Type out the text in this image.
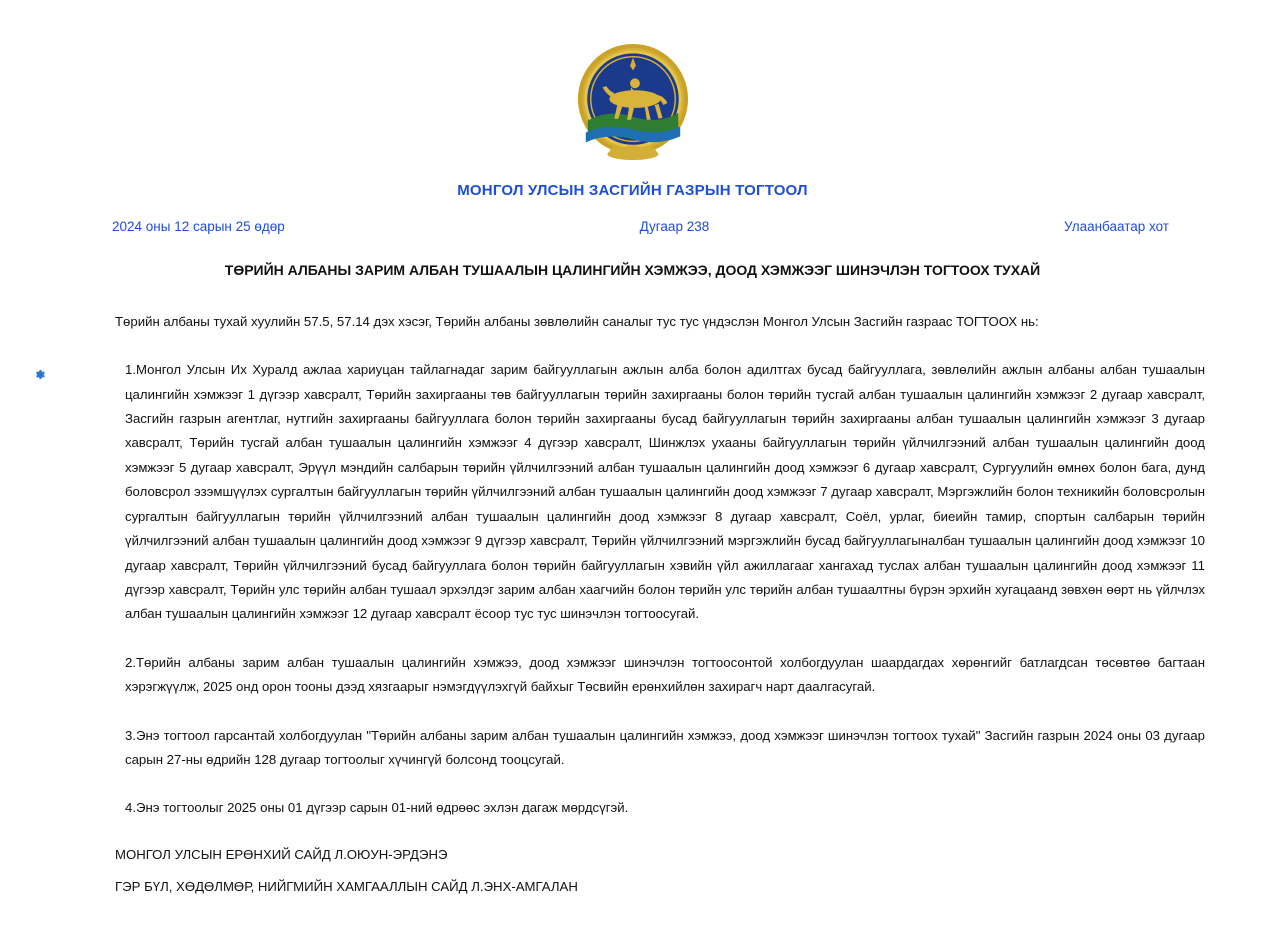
МОНГОЛ УЛСЫН ЗАСГИЙН ГАЗРЫН ТОГТООЛ
2024 оны 12 сарын 25 өдөр	Дугаар 238	Улаанбаатар хот
ТӨРИЙН АЛБАНЫ ЗАРИМ АЛБАН ТУШААЛЫН ЦАЛИНГИЙН ХЭМЖЭЭ, ДООД ХЭМЖЭЭГ ШИНЭЧЛЭН ТОГТООХ ТУХАЙ
Төрийн албаны тухай хуулийн 57.5, 57.14 дэх хэсэг, Төрийн албаны зөвлөлийн саналыг тус тус үндэслэн Монгол Улсын Засгийн газраас ТОГТООХ нь:
1.Монгол Улсын Их Хуралд ажлаа хариуцан тайлагнадаг зарим байгууллагын ажлын алба болон адилтгах бусад байгууллага, зөвлөлийн ажлын албаны албан тушаалын цалингийн хэмжээг 1 дүгээр хавсралт, Төрийн захиргааны төв байгууллагын төрийн захиргааны болон төрийн тусгай албан тушаалын цалингийн хэмжээг 2 дугаар хавсралт, Засгийн газрын агентлаг, нутгийн захиргааны байгууллага болон төрийн захиргааны бусад байгууллагын төрийн захиргааны албан тушаалын цалингийн хэмжээг 3 дугаар хавсралт, Төрийн тусгай албан тушаалын цалингийн хэмжээг 4 дүгээр хавсралт, Шинжлэх ухааны байгууллагын төрийн үйлчилгээний албан тушаалын цалингийн доод хэмжээг 5 дугаар хавсралт, Эрүүл мэндийн салбарын төрийн үйлчилгээний албан тушаалын цалингийн доод хэмжээг 6 дугаар хавсралт, Сургуулийн өмнөх болон бага, дунд боловсрол эзэмшүүлэх сургалтын байгууллагын төрийн үйлчилгээний албан тушаалын цалингийн доод хэмжээг 7 дугаар хавсралт, Мэргэжлийн болон техникийн боловсролын сургалтын байгууллагын төрийн үйлчилгээний албан тушаалын цалингийн доод хэмжээг 8 дугаар хавсралт, Соёл, урлаг, биеийн тамир, спортын салбарын төрийн үйлчилгээний албан тушаалын цалингийн доод хэмжээг 9 дүгээр хавсралт, Төрийн үйлчилгээний мэргэжлийн бусад байгууллагыналбан тушаалын цалингийн доод хэмжээг 10 дугаар хавсралт, Төрийн үйлчилгээний бусад байгууллага болон төрийн байгууллагын хэвийн үйл ажиллагааг хангахад туслах албан тушаалын цалингийн доод хэмжээг 11 дүгээр хавсралт, Төрийн улс төрийн албан тушаал эрхэлдэг зарим албан хаагчийн болон төрийн улс төрийн албан тушаалтны бүрэн эрхийн хугацаанд зөвхөн өөрт нь үйлчлэх албан тушаалын цалингийн хэмжээг 12 дугаар хавсралт ёсоор тус тус шинэчлэн тогтоосугай.
2.Төрийн албаны зарим албан тушаалын цалингийн хэмжээ, доод хэмжээг шинэчлэн тогтоосонтой холбогдуулан шаардагдах хөрөнгийг батлагдсан төсөвтөө багтаан хэрэгжүүлж, 2025 онд орон тооны дээд хязгаарыг нэмэгдүүлэхгүй байхыг Төсвийн ерөнхийлөн захирагч нарт даалгасугай.
3.Энэ тогтоол гарсантай холбогдуулан "Төрийн албаны зарим албан тушаалын цалингийн хэмжээ, доод хэмжээг шинэчлэн тогтоох тухай" Засгийн газрын 2024 оны 03 дугаар сарын 27-ны өдрийн 128 дугаар тогтоолыг хүчингүй болсонд тооцсугай.
4.Энэ тогтоолыг 2025 оны 01 дүгээр сарын 01-ний өдрөөс эхлэн дагаж мөрдсүгэй.
МОНГОЛ УЛСЫН ЕРӨНХИЙ САЙД Л.ОЮУН-ЭРДЭНЭ
ГЭР БҮЛ, ХӨДӨЛМӨР, НИЙГМИЙН ХАМГААЛЛЫН САЙД Л.ЭНХ-АМГАЛАН
